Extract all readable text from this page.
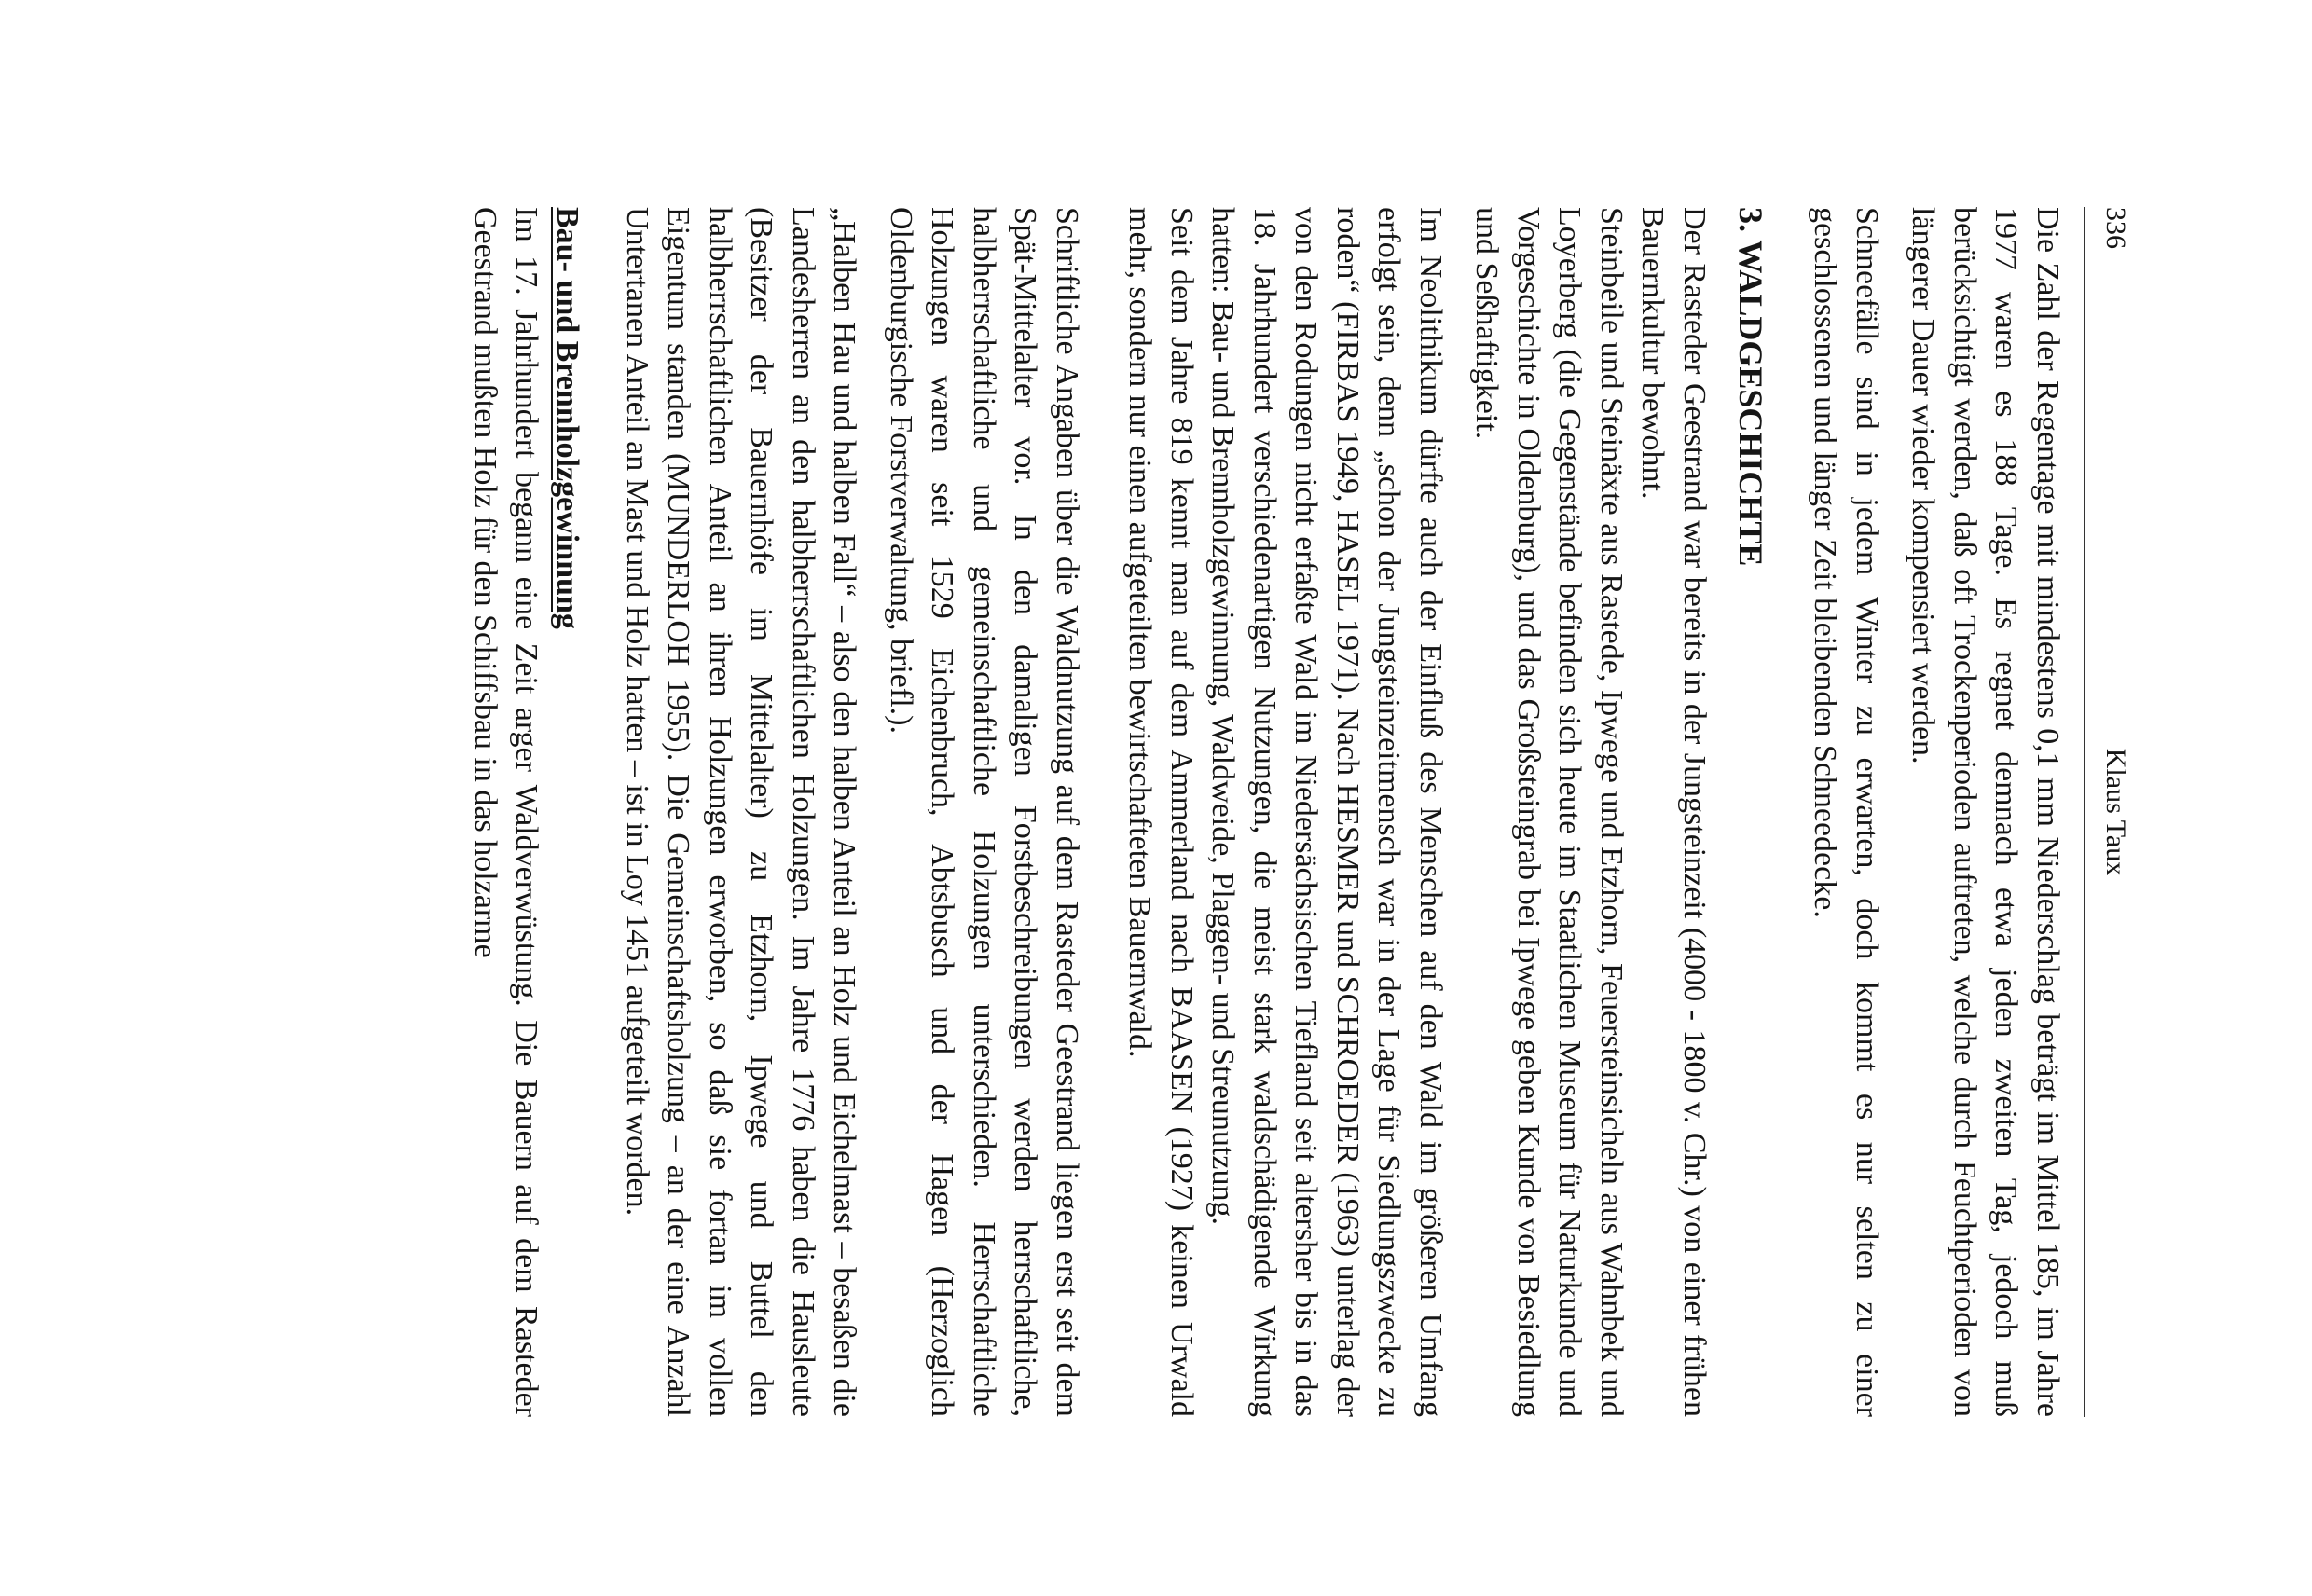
336
Klaus Taux

Die Zahl der Regentage mit mindestens 0,1 mm Niederschlag beträgt im Mittel 185, im Jahre 1977 waren es 188 Tage. Es regnet demnach etwa jeden zweiten Tag, jedoch muß berücksichtigt werden, daß oft Trockenperioden auftreten, welche durch Feuchtperioden von längerer Dauer wieder kompensiert werden.

Schneefälle sind in jedem Winter zu erwarten, doch kommt es nur selten zu einer geschlossenen und länger Zeit bleibenden Schneedecke.

3. WALDGESCHICHTE

Der Rasteder Geestrand war bereits in der Jungsteinzeit (4000 - 1800 v. Chr.) von einer frühen Bauernkultur bewohnt.

Steinbeile und Steinäxte aus Rastede, Ipwege und Etzhorn, Feuersteinsicheln aus Wahnbek und Loyerberg (die Gegenstände befinden sich heute im Staatlichen Museum für Naturkunde und Vorgeschichte in Oldenburg), und das Großsteingrab bei Ipwege geben Kunde von Besiedlung und Seßhaftigkeit.

Im Neolithikum dürfte auch der Einfluß des Menschen auf den Wald im größeren Umfang erfolgt sein, denn „schon der Jungsteinzeitmensch war in der Lage für Siedlungszwecke zu roden“ (FIRBAS 1949, HASEL 1971). Nach HESMER und SCHROEDER (1963) unterlag der von den Rodungen nicht erfaßte Wald im Niedersächsischen Tiefland seit altersher bis in das 18. Jahrhundert verschiedenartigen Nutzungen, die meist stark waldschädigende Wirkung hatten: Bau- und Brennholzgewinnung, Waldweide, Plaggen- und Streunutzung.

Seit dem Jahre 819 kennt man auf dem Ammerland nach BAASEN (1927) keinen Urwald mehr, sondern nur einen aufgeteilten bewirtschafteten Bauernwald.

Schriftliche Angaben über die Waldnutzung auf dem Rasteder Geestrand liegen erst seit dem Spät-Mittelalter vor. In den damaligen Forstbeschreibungen werden herrschaftliche, halbherrschaftliche und gemeinschaftliche Holzungen unterschieden. Herrschaftliche Holzungen waren seit 1529 Eichenbruch, Abtsbusch und der Hagen (Herzoglich Oldenburgische Forstverwaltung, briefl.).

„Halben Hau und halben Fall“ – also den halben Anteil an Holz und Eichelmast – besaßen die Landesherren an den halbherrschaftlichen Holzungen. Im Jahre 1776 haben die Hausleute (Besitzer der Bauernhöfe im Mittelalter) zu Etzhorn, Ipwege und Buttel den halbherrschaftlichen Anteil an ihren Holzungen erworben, so daß sie fortan im vollen Eigentum standen (MUNDERLOH 1955). Die Gemeinschaftsholzung – an der eine Anzahl Untertanen Anteil an Mast und Holz hatten – ist in Loy 1451 aufgeteilt worden.

Bau- und Brennholzgewinnung

Im 17. Jahrhundert begann eine Zeit arger Waldverwüstung. Die Bauern auf dem Rasteder Geestrand mußten Holz für den Schiffsbau in das holzarme
